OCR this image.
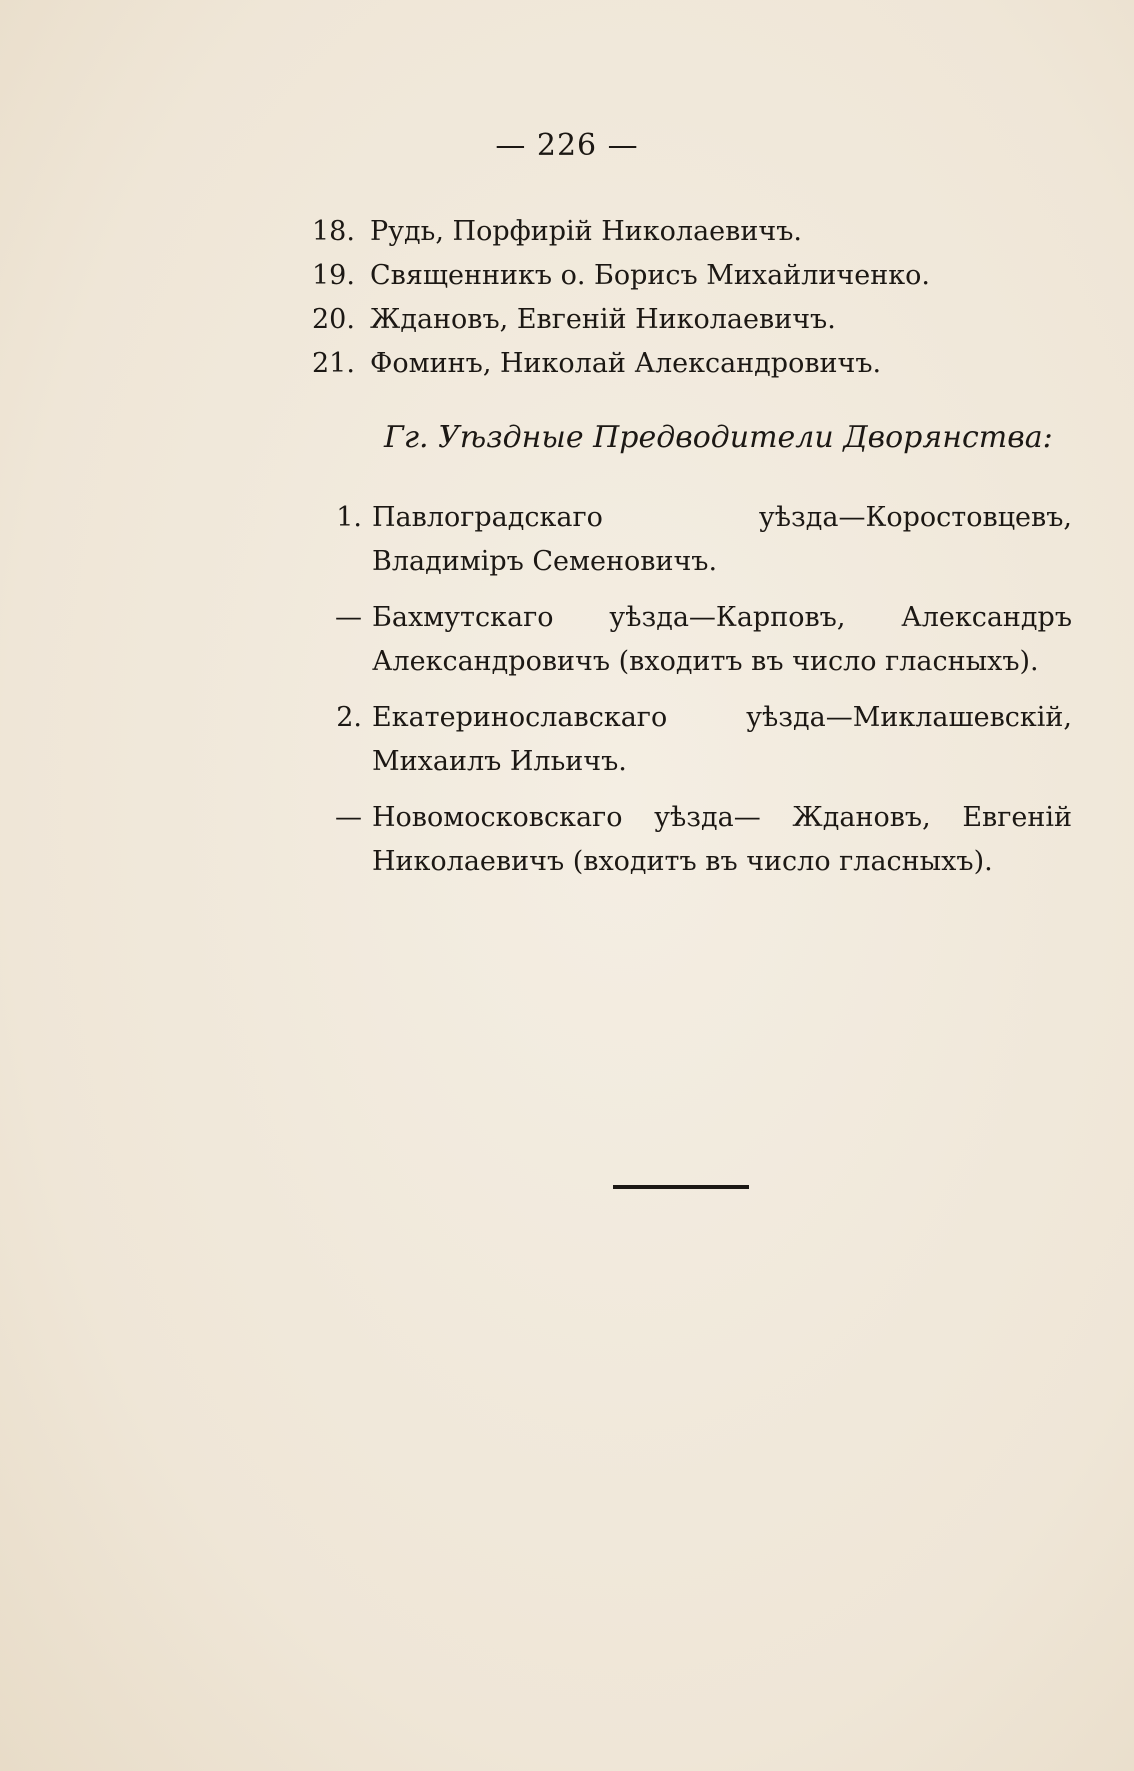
— 226 —
18. Рудь, Порфирій Николаевичъ.
19. Священникъ о. Борисъ Михайличенко.
20. Ждановъ, Евгеній Николаевичъ.
21. Фоминъ, Николай Александровичъ.
Гг. Уѣздные Предводители Дворянства:
1. Павлоградскаго уѣзда—Коростовцевъ, Владиміръ Семеновичъ.
— Бахмутскаго уѣзда—Карповъ, Александръ Александровичъ (входитъ въ число гласныхъ).
2. Екатеринославскаго уѣзда—Миклашевскій, Михаилъ Ильичъ.
— Новомосковскаго уѣзда— Ждановъ, Евгеній Николаевичъ (входитъ въ число гласныхъ).
